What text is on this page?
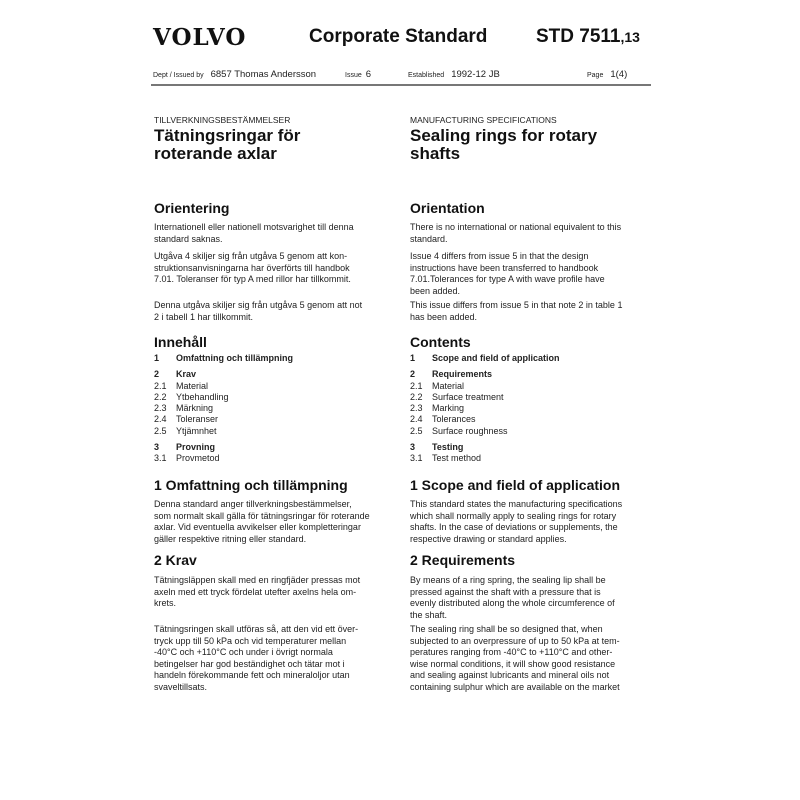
VOLVO	Corporate Standard	STD 7511,13
Dept / Issued by 6857 Thomas Andersson	Issue 6	Established 1992-12 JB	Page 1(4)
TILLVERKNINGSBESTÄMMELSER
Tätningsringar för
roterande axlar
Orientering
Internationell eller nationell motsvarighet till denna
standard saknas.
Utgåva 4 skiljer sig från utgåva 5 genom att kon-
struktionsanvisningarna har överförts till handbok
7.01. Toleranser för typ A med rillor har tillkommit.
Denna utgåva skiljer sig från utgåva 5 genom att not
2 i tabell 1 har tillkommit.
Innehåll
1 Omfattning och tillämpning
2 Krav
2.1 Material
2.2 Ytbehandling
2.3 Märkning
2.4 Toleranser
2.5 Ytjämnhet
3 Provning
3.1 Provmetod
1 Omfattning och tillämpning
Denna standard anger tillverkningsbestämmelser,
som normalt skall gälla för tätningsringar för roterande
axlar. Vid eventuella avvikelser eller kompletteringar
gäller respektive ritning eller standard.
2 Krav
Tätningsläppen skall med en ringfjäder pressas mot
axeln med ett tryck fördelat utefter axelns hela om-
krets.
Tätningsringen skall utföras så, att den vid ett över-
tryck upp till 50 kPa och vid temperaturer mellan
-40°C och +110°C och under i övrigt normala
betingelser har god beständighet och tätar mot i
handeln förekommande fett och mineraloljor utan
svaveltillsats.
MANUFACTURING SPECIFICATIONS
Sealing rings for rotary
shafts
Orientation
There is no international or national equivalent to this
standard.
Issue 4 differs from issue 5 in that the design
instructions have been transferred to handbook
7.01.Tolerances for type A with wave profile have
been added.
This issue differs from issue 5 in that note 2 in table 1
has been added.
Contents
1 Scope and field of application
2 Requirements
2.1 Material
2.2 Surface treatment
2.3 Marking
2.4 Tolerances
2.5 Surface roughness
3 Testing
3.1 Test method
1 Scope and field of application
This standard states the manufacturing specifications
which shall normally apply to sealing rings for rotary
shafts. In the case of deviations or supplements, the
respective drawing or standard applies.
2 Requirements
By means of a ring spring, the sealing lip shall be
pressed against the shaft with a pressure that is
evenly distributed along the whole circumference of
the shaft.
The sealing ring shall be so designed that, when
subjected to an overpressure of up to 50 kPa at tem-
peratures ranging from -40°C to +110°C and other-
wise normal conditions, it will show good resistance
and sealing against lubricants and mineral oils not
containing sulphur which are available on the market
